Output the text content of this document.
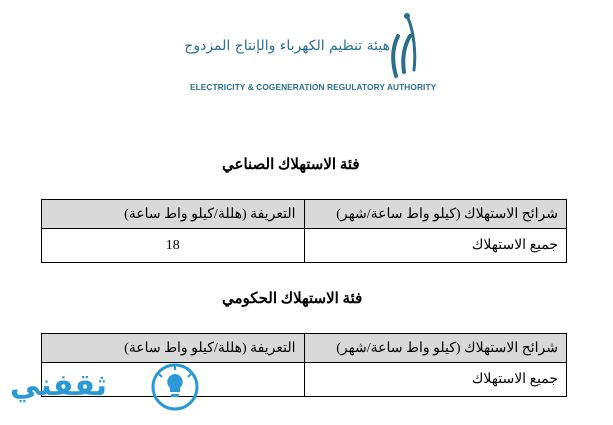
هيئة تنظيم الكهرباء والإنتاج المزدوج
ELECTRICITY & COGENERATION REGULATORY AUTHORITY
فئة الاستهلاك الصناعي
التعريفة (هللة/كيلو واط ساعة)	شرائح الاستهلاك (كيلو واط ساعة/شهر)
18	جميع الاستهلاك
فئة الاستهلاك الحكومي
التعريفة (هللة/كيلو واط ساعة)	شرائح الاستهلاك (كيلو واط ساعة/شهر)
	جميع الاستهلاك
ثقفني
